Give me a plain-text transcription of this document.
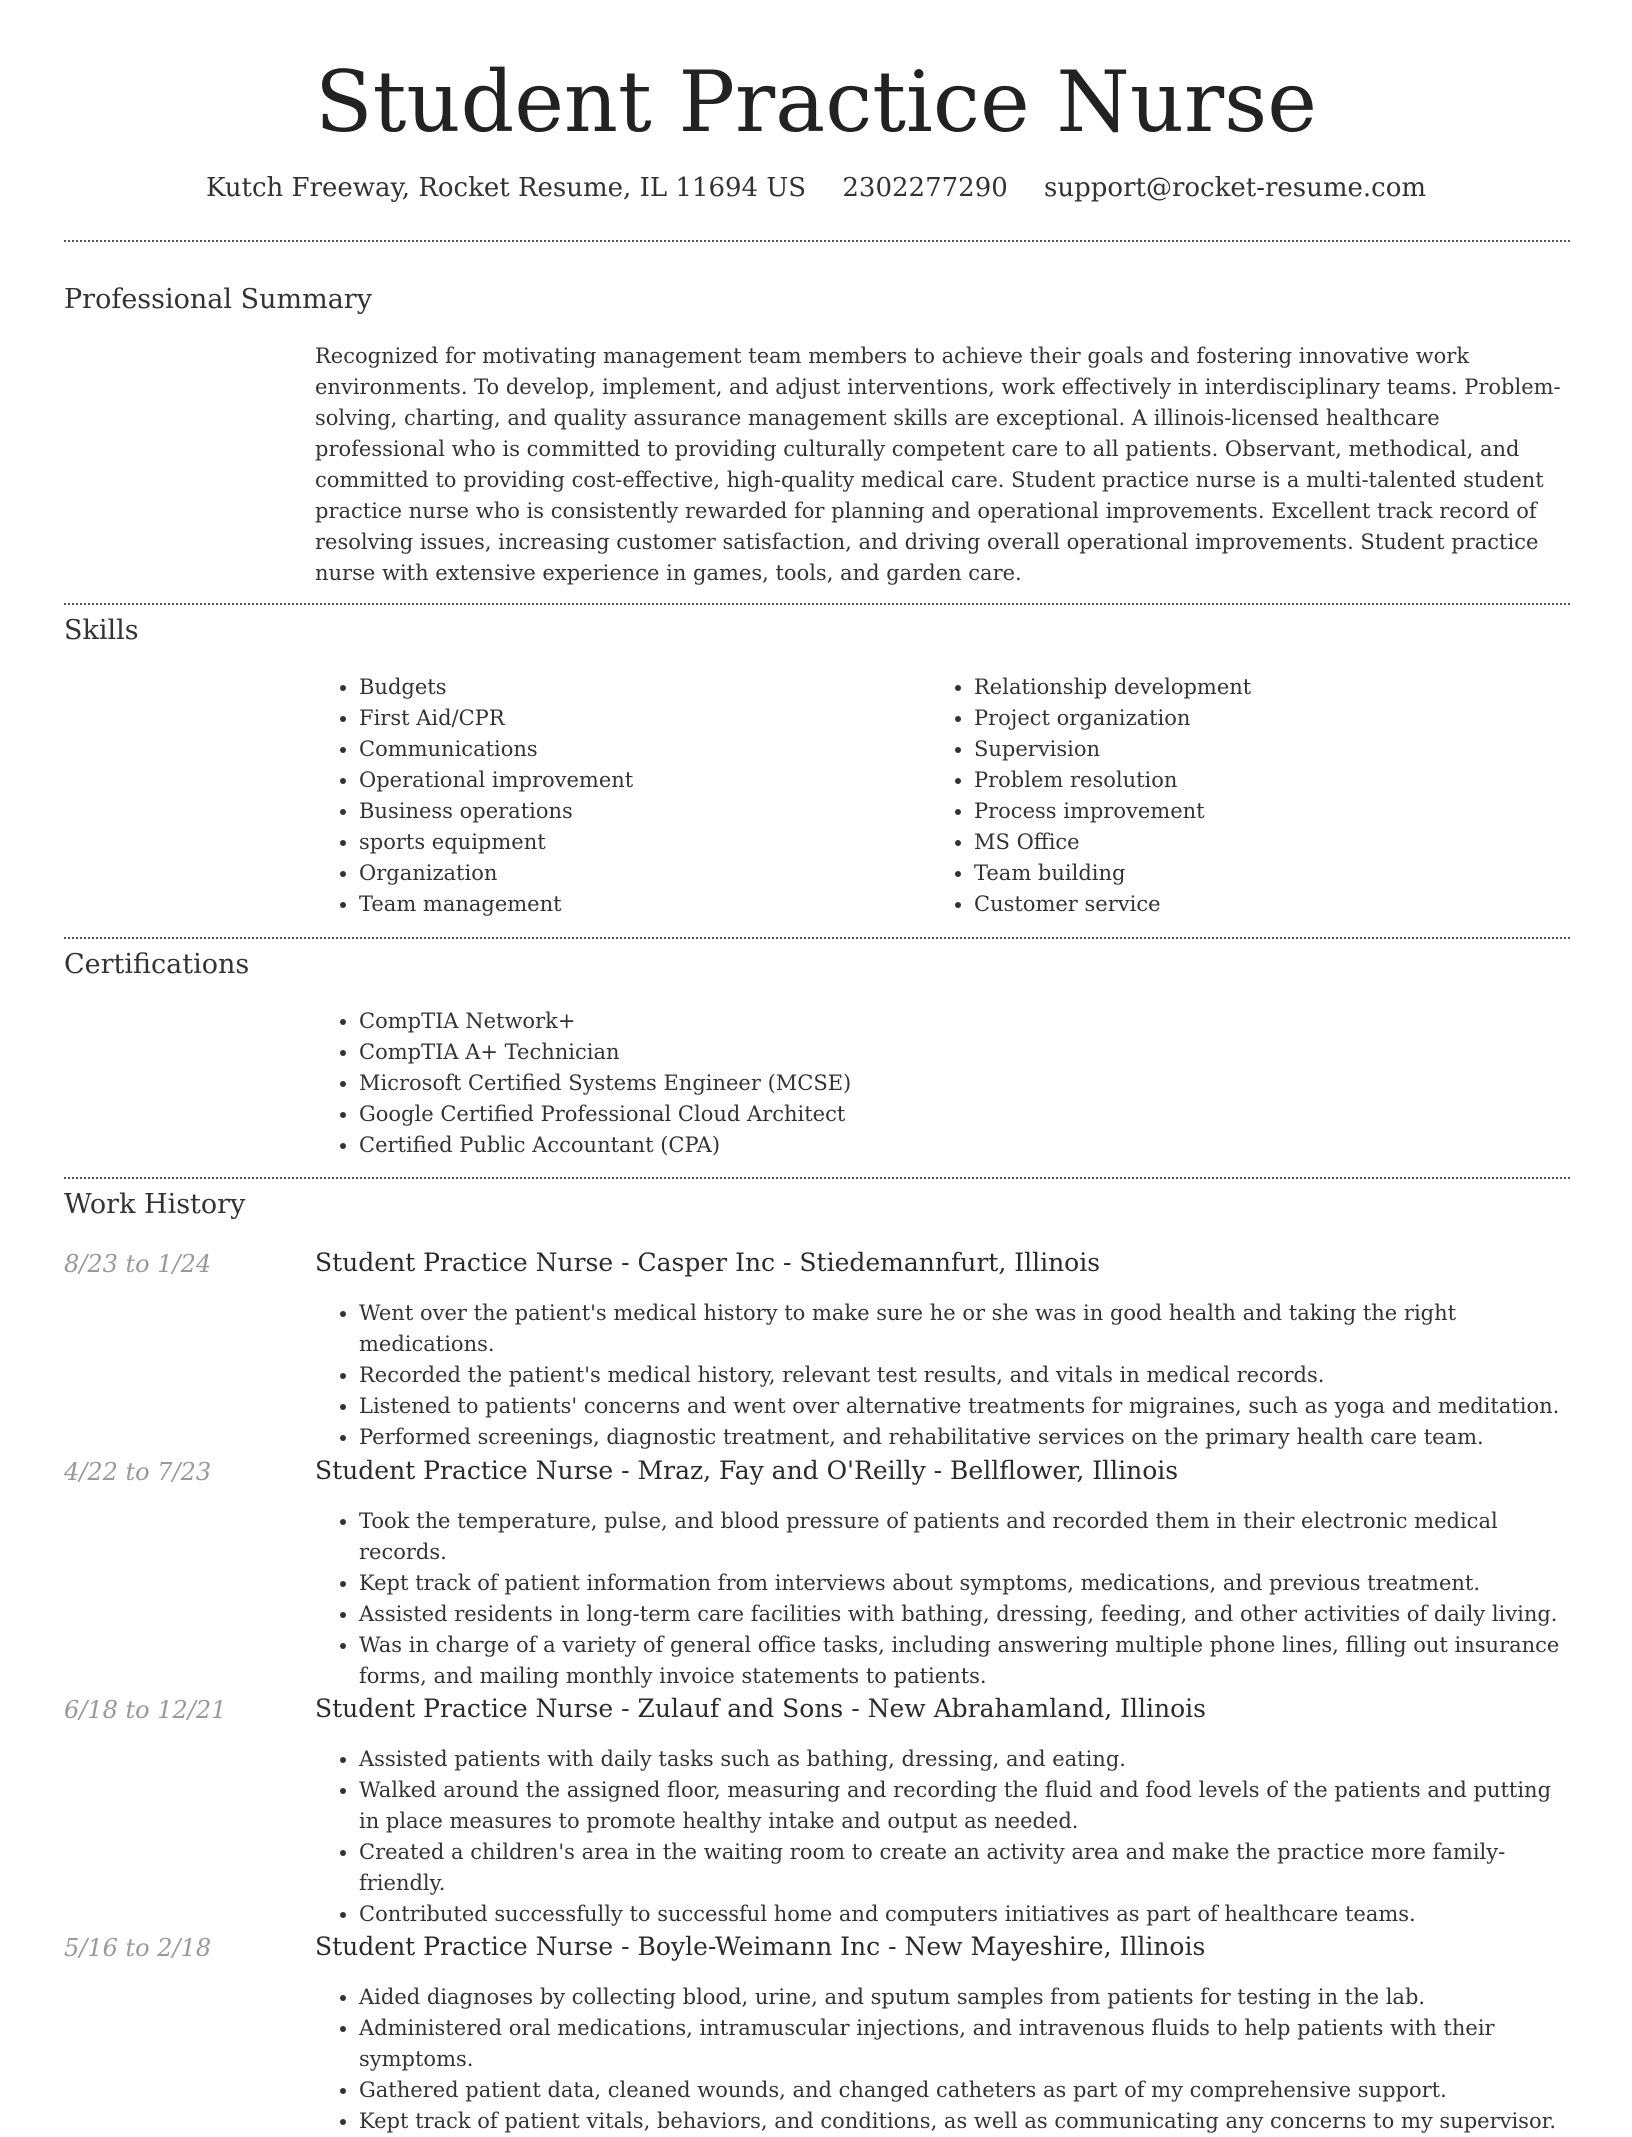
Student Practice Nurse
Kutch Freeway, Rocket Resume, IL 11694 US 2302277290 support@rocket-resume.com
Professional Summary

Recognized for motivating management team members to achieve their goals and fostering innovative work environments. To develop, implement, and adjust interventions, work effectively in interdisciplinary teams. Problem-solving, charting, and quality assurance management skills are exceptional. A illinois-licensed healthcare professional who is committed to providing culturally competent care to all patients. Observant, methodical, and committed to providing cost-effective, high-quality medical care. Student practice nurse is a multi-talented student practice nurse who is consistently rewarded for planning and operational improvements. Excellent track record of resolving issues, increasing customer satisfaction, and driving overall operational improvements. Student practice nurse with extensive experience in games, tools, and garden care.

Skills
• Budgets
• First Aid/CPR
• Communications
• Operational improvement
• Business operations
• sports equipment
• Organization
• Team management
• Relationship development
• Project organization
• Supervision
• Problem resolution
• Process improvement
• MS Office
• Team building
• Customer service
Certifications
• CompTIA Network+
• CompTIA A+ Technician
• Microsoft Certified Systems Engineer (MCSE)
• Google Certified Professional Cloud Architect
• Certified Public Accountant (CPA)
Work History
8/23 to 1/24	Student Practice Nurse - Casper Inc - Stiedemannfurt, Illinois
• Went over the patient's medical history to make sure he or she was in good health and taking the right medications.
• Recorded the patient's medical history, relevant test results, and vitals in medical records.
• Listened to patients' concerns and went over alternative treatments for migraines, such as yoga and meditation.
• Performed screenings, diagnostic treatment, and rehabilitative services on the primary health care team.
4/22 to 7/23	Student Practice Nurse - Mraz, Fay and O'Reilly - Bellflower, Illinois
• Took the temperature, pulse, and blood pressure of patients and recorded them in their electronic medical records.
• Kept track of patient information from interviews about symptoms, medications, and previous treatment.
• Assisted residents in long-term care facilities with bathing, dressing, feeding, and other activities of daily living.
• Was in charge of a variety of general office tasks, including answering multiple phone lines, filling out insurance forms, and mailing monthly invoice statements to patients.
6/18 to 12/21	Student Practice Nurse - Zulauf and Sons - New Abrahamland, Illinois
• Assisted patients with daily tasks such as bathing, dressing, and eating.
• Walked around the assigned floor, measuring and recording the fluid and food levels of the patients and putting in place measures to promote healthy intake and output as needed.
• Created a children's area in the waiting room to create an activity area and make the practice more family-friendly.
• Contributed successfully to successful home and computers initiatives as part of healthcare teams.
5/16 to 2/18	Student Practice Nurse - Boyle-Weimann Inc - New Mayeshire, Illinois
• Aided diagnoses by collecting blood, urine, and sputum samples from patients for testing in the lab.
• Administered oral medications, intramuscular injections, and intravenous fluids to help patients with their symptoms.
• Gathered patient data, cleaned wounds, and changed catheters as part of my comprehensive support.
• Kept track of patient vitals, behaviors, and conditions, as well as communicating any concerns to my supervisor.
